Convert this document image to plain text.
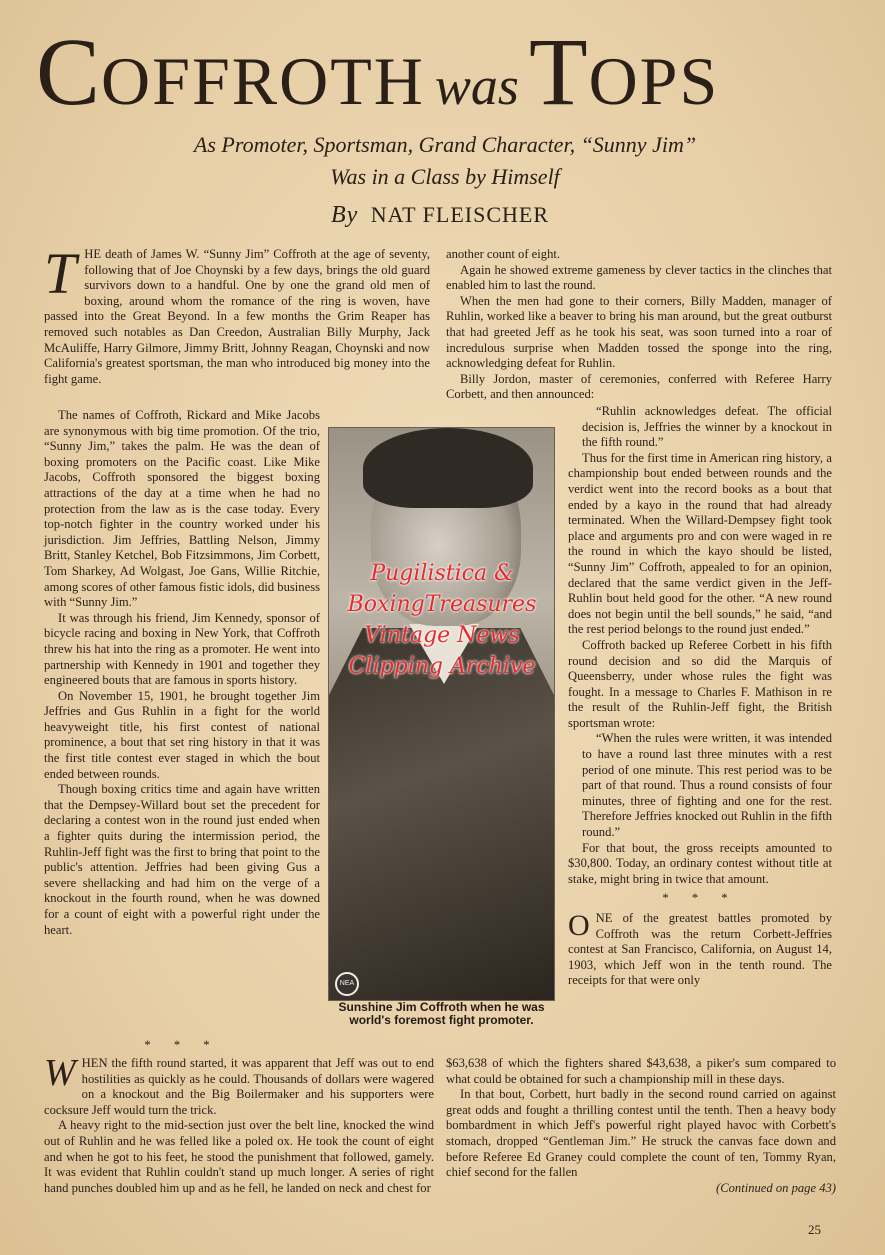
COFFROTH was TOPS
As Promoter, Sportsman, Grand Character, “Sunny Jim”
Was in a Class by Himself
By NAT FLEISCHER

THE death of James W. “Sunny Jim” Coffroth at the age of seventy, following that of Joe Choynski by a few days, brings the old guard survivors down to a handful. One by one the grand old men of boxing, around whom the romance of the ring is woven, have passed into the Great Beyond. In a few months the Grim Reaper has removed such notables as Dan Creedon, Australian Billy Murphy, Jack McAuliffe, Harry Gilmore, Jimmy Britt, Johnny Reagan, Choynski and now California's greatest sportsman, the man who introduced big money into the fight game.

The names of Coffroth, Rickard and Mike Jacobs are synonymous with big time promotion. Of the trio, “Sunny Jim,” takes the palm. He was the dean of boxing promoters on the Pacific coast. Like Mike Jacobs, Coffroth sponsored the biggest boxing attractions of the day at a time when he had no protection from the law as is the case today. Every top-notch fighter in the country worked under his jurisdiction. Jim Jeffries, Battling Nelson, Jimmy Britt, Stanley Ketchel, Bob Fitzsimmons, Jim Corbett, Tom Sharkey, Ad Wolgast, Joe Gans, Willie Ritchie, among scores of other famous fistic idols, did business with “Sunny Jim.”

It was through his friend, Jim Kennedy, sponsor of bicycle racing and boxing in New York, that Coffroth threw his hat into the ring as a promoter. He went into partnership with Kennedy in 1901 and together they engineered bouts that are famous in sports history.

On November 15, 1901, he brought together Jim Jeffries and Gus Ruhlin in a fight for the world heavyweight title, his first contest of national prominence, a bout that set ring history in that it was the first title contest ever staged in which the bout ended between rounds.

Though boxing critics time and again have written that the Dempsey-Willard bout set the precedent for declaring a contest won in the round just ended when a fighter quits during the intermission period, the Ruhlin-Jeff fight was the first to bring that point to the public's attention. Jeffries had been giving Gus a severe shellacking and had him on the verge of a knockout in the fourth round, when he was downed for a count of eight with a powerful right under the heart.

* * *
NEA
Sunshine Jim Coffroth when he was world's foremost fight promoter.
Pugilistica &
BoxingTreasures
Vintage News
Clipping Archive

another count of eight.

Again he showed extreme gameness by clever tactics in the clinches that enabled him to last the round.

When the men had gone to their corners, Billy Madden, manager of Ruhlin, worked like a beaver to bring his man around, but the great outburst that had greeted Jeff as he took his seat, was soon turned into a roar of incredulous surprise when Madden tossed the sponge into the ring, acknowledging defeat for Ruhlin.

Billy Jordon, master of ceremonies, conferred with Referee Harry Corbett, and then announced:

“Ruhlin acknowledges defeat. The official decision is, Jeffries the winner by a knockout in the fifth round.”

Thus for the first time in American ring history, a championship bout ended between rounds and the verdict went into the record books as a bout that ended by a kayo in the round that had already terminated. When the Willard-Dempsey fight took place and arguments pro and con were waged in re the round in which the kayo should be listed, “Sunny Jim” Coffroth, appealed to for an opinion, declared that the same verdict given in the Jeff-Ruhlin bout held good for the other. “A new round does not begin until the bell sounds,” he said, “and the rest period belongs to the round just ended.”

Coffroth backed up Referee Corbett in his fifth round decision and so did the Marquis of Queensberry, under whose rules the fight was fought. In a message to Charles F. Mathison in re the result of the Ruhlin-Jeff fight, the British sportsman wrote:

“When the rules were written, it was intended to have a round last three minutes with a rest period of one minute. This rest period was to be part of that round. Thus a round consists of four minutes, three of fighting and one for the rest. Therefore Jeffries knocked out Ruhlin in the fifth round.”

For that bout, the gross receipts amounted to $30,800. Today, an ordinary contest without title at stake, might bring in twice that amount.

* * *

ONE of the greatest battles promoted by Coffroth was the return Corbett-Jeffries contest at San Francisco, California, on August 14, 1903, which Jeff won in the tenth round. The receipts for that were only

WHEN the fifth round started, it was apparent that Jeff was out to end hostilities as quickly as he could. Thousands of dollars were wagered on a knockout and the Big Boilermaker and his supporters were cocksure Jeff would turn the trick.

A heavy right to the mid-section just over the belt line, knocked the wind out of Ruhlin and he was felled like a poled ox. He took the count of eight and when he got to his feet, he stood the punishment that followed, gamely. It was evident that Ruhlin couldn't stand up much longer. A series of right hand punches doubled him up and as he fell, he landed on neck and chest for

$63,638 of which the fighters shared $43,638, a piker's sum compared to what could be obtained for such a championship mill in these days.

In that bout, Corbett, hurt badly in the second round carried on against great odds and fought a thrilling contest until the tenth. Then a heavy body bombardment in which Jeff's powerful right played havoc with Corbett's stomach, dropped “Gentleman Jim.” He struck the canvas face down and before Referee Ed Graney could complete the count of ten, Tommy Ryan, chief second for the fallen

(Continued on page 43)

25
